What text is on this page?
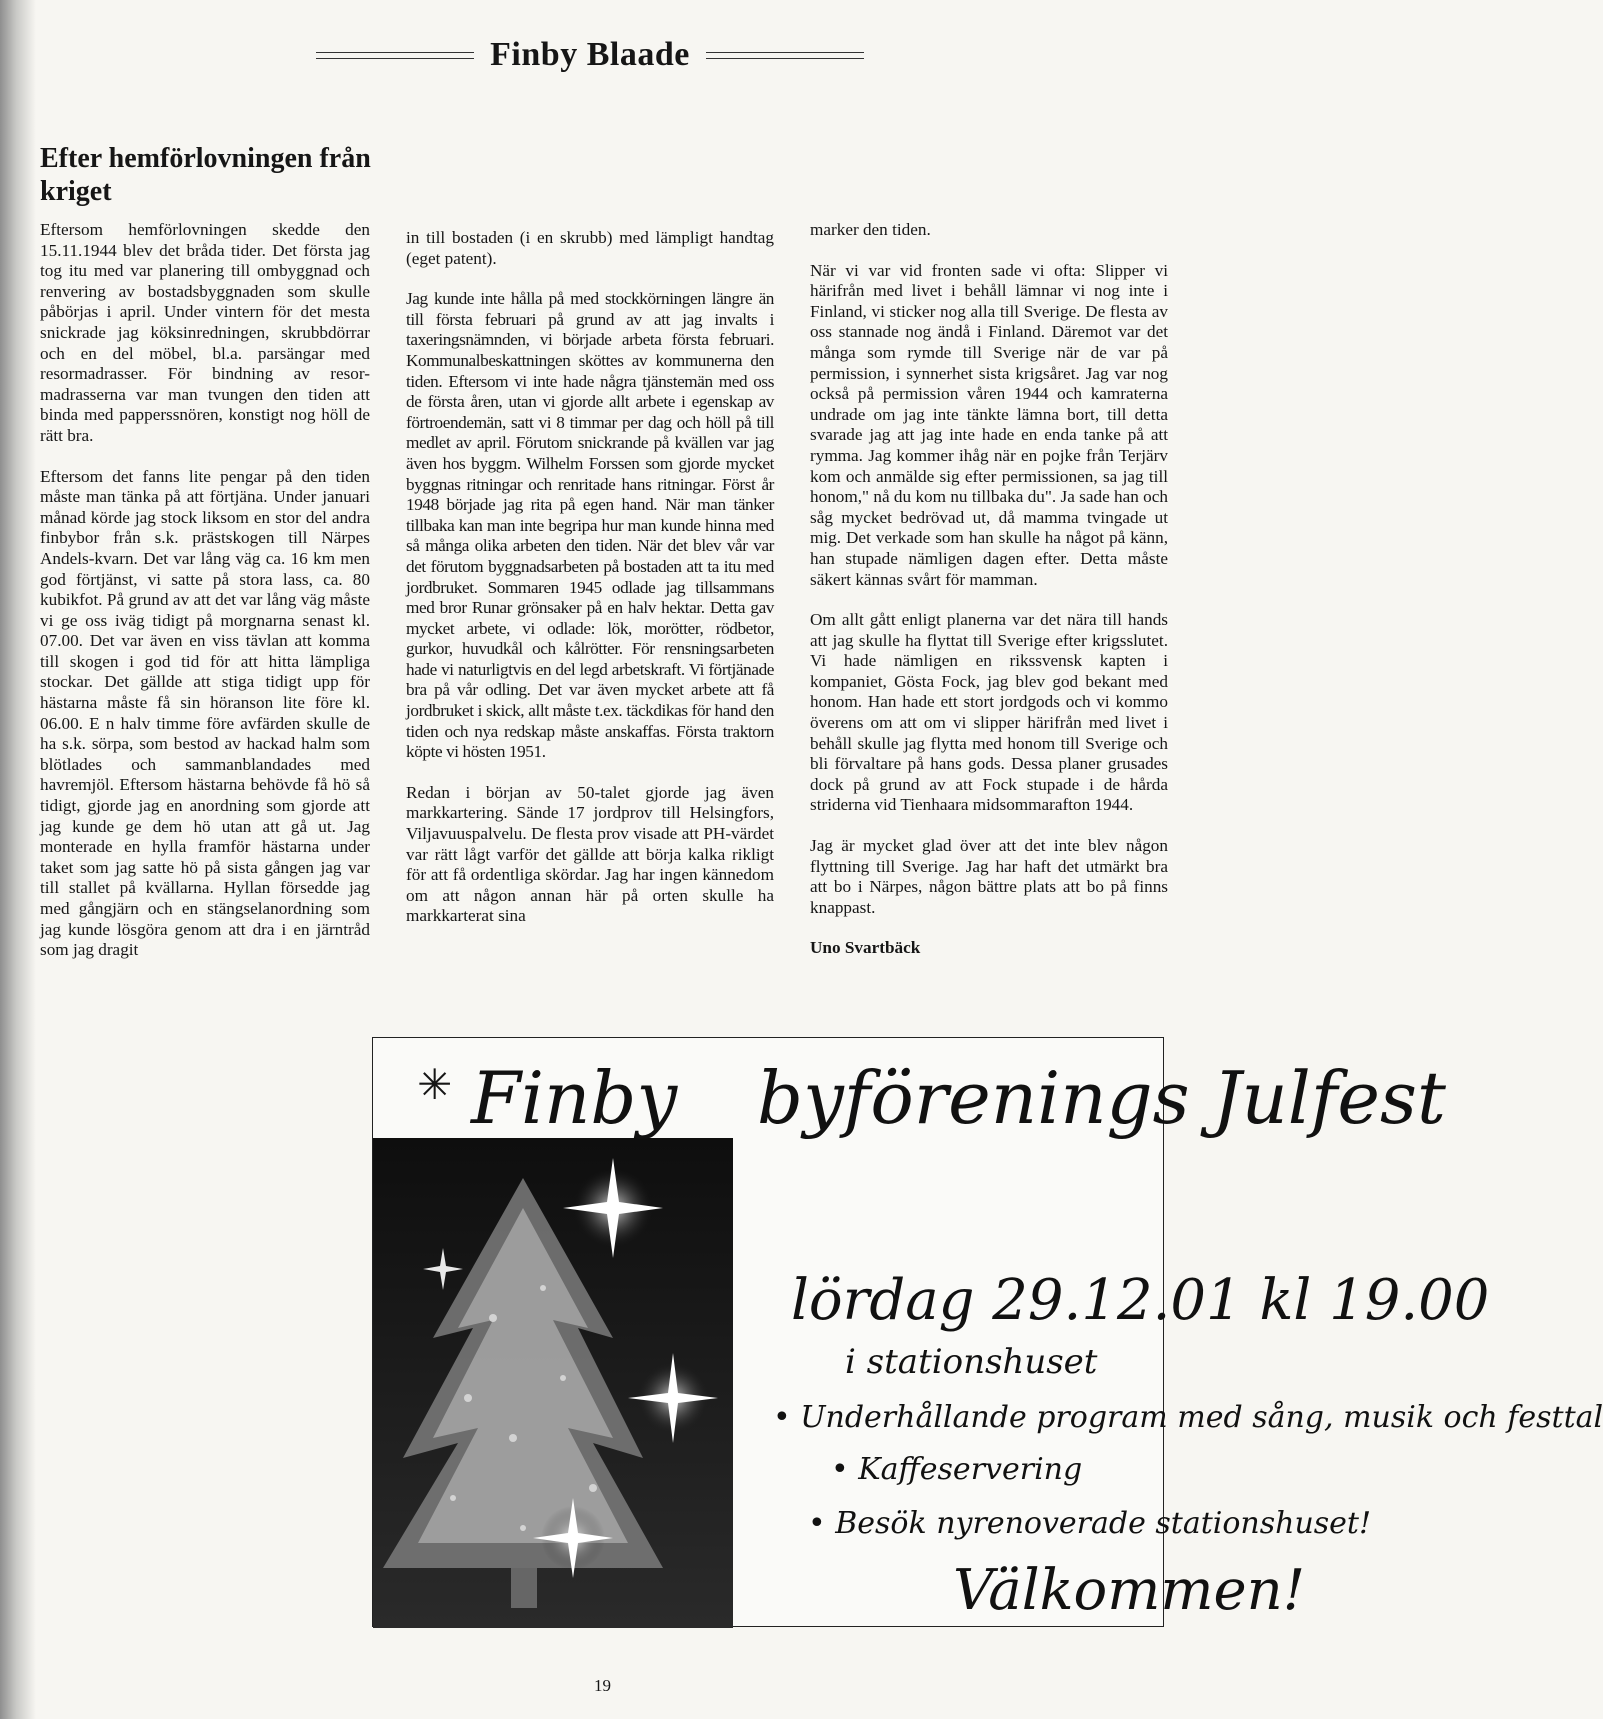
Finby Blaade
Efter hemförlovningen från kriget

Eftersom hemförlovningen skedde den 15.11.1944 blev det bråda tider. Det första jag tog itu med var planering till ombyggnad och renvering av bostadsbyggnaden som skulle påbörjas i april. Under vintern för det mesta snickrade jag köksinredningen, skrubbdörrar och en del möbel, bl.a. parsängar med resormadrasser. För bindning av resor-madrasserna var man tvungen den tiden att binda med papperssnören, konstigt nog höll de rätt bra.

Eftersom det fanns lite pengar på den tiden måste man tänka på att förtjäna. Under januari månad körde jag stock liksom en stor del andra finbybor från s.k. prästskogen till Närpes Andels-kvarn. Det var lång väg ca. 16 km men god förtjänst, vi satte på stora lass, ca. 80 kubikfot. På grund av att det var lång väg måste vi ge oss iväg tidigt på morgnarna senast kl. 07.00. Det var även en viss tävlan att komma till skogen i god tid för att hitta lämpliga stockar. Det gällde att stiga tidigt upp för hästarna måste få sin höranson lite före kl. 06.00. E n halv timme före avfärden skulle de ha s.k. sörpa, som bestod av hackad halm som blötlades och sammanblandades med havremjöl. Eftersom hästarna behövde få hö så tidigt, gjorde jag en anordning som gjorde att jag kunde ge dem hö utan att gå ut. Jag monterade en hylla framför hästarna under taket som jag satte hö på sista gången jag var till stallet på kvällarna. Hyllan försedde jag med gångjärn och en stängselanordning som jag kunde lösgöra genom att dra i en järntråd som jag dragit

in till bostaden (i en skrubb) med lämpligt handtag (eget patent).

Jag kunde inte hålla på med stockkörningen längre än till första februari på grund av att jag invalts i taxeringsnämnden, vi började arbeta första februari. Kommunalbeskattningen sköttes av kommunerna den tiden. Eftersom vi inte hade några tjänstemän med oss de första åren, utan vi gjorde allt arbete i egenskap av förtroendemän, satt vi 8 timmar per dag och höll på till medlet av april. Förutom snickrande på kvällen var jag även hos byggm. Wilhelm Forssen som gjorde mycket byggnas ritningar och renritade hans ritningar. Först år 1948 började jag rita på egen hand. När man tänker tillbaka kan man inte begripa hur man kunde hinna med så många olika arbeten den tiden. När det blev vår var det förutom byggnadsarbeten på bostaden att ta itu med jordbruket. Sommaren 1945 odlade jag tillsammans med bror Runar grönsaker på en halv hektar. Detta gav mycket arbete, vi odlade: lök, morötter, rödbetor, gurkor, huvudkål och kålrötter. För rensningsarbeten hade vi naturligtvis en del legd arbetskraft. Vi förtjänade bra på vår odling. Det var även mycket arbete att få jordbruket i skick, allt måste t.ex. täckdikas för hand den tiden och nya redskap måste anskaffas. Första traktorn köpte vi hösten 1951.

Redan i början av 50-talet gjorde jag även markkartering. Sände 17 jordprov till Helsingfors, Viljavuuspalvelu. De flesta prov visade att PH-värdet var rätt lågt varför det gällde att börja kalka rikligt för att få ordentliga skördar. Jag har ingen kännedom om att någon annan här på orten skulle ha markkarterat sina

marker den tiden.

När vi var vid fronten sade vi ofta: Slipper vi härifrån med livet i behåll lämnar vi nog inte i Finland, vi sticker nog alla till Sverige. De flesta av oss stannade nog ändå i Finland. Däremot var det många som rymde till Sverige när de var på permission, i synnerhet sista krigsåret. Jag var nog också på permission våren 1944 och kamraterna undrade om jag inte tänkte lämna bort, till detta svarade jag att jag inte hade en enda tanke på att rymma. Jag kommer ihåg när en pojke från Terjärv kom och anmälde sig efter permissionen, sa jag till honom," nå du kom nu tillbaka du". Ja sade han och såg mycket bedrövad ut, då mamma tvingade ut mig. Det verkade som han skulle ha något på känn, han stupade nämligen dagen efter. Detta måste säkert kännas svårt för mamman.

Om allt gått enligt planerna var det nära till hands att jag skulle ha flyttat till Sverige efter krigsslutet. Vi hade nämligen en rikssvensk kapten i kompaniet, Gösta Fock, jag blev god bekant med honom. Han hade ett stort jordgods och vi kommo överens om att om vi slipper härifrån med livet i behåll skulle jag flytta med honom till Sverige och bli förvaltare på hans gods. Dessa planer grusades dock på grund av att Fock stupade i de hårda striderna vid Tienhaara midsommarafton 1944.

Jag är mycket glad över att det inte blev någon flyttning till Sverige. Jag har haft det utmärkt bra att bo i Närpes, någon bättre plats att bo på finns knappast.

Uno Svartbäck
✳ Finby byförenings Julfest
lördag 29.12.01 kl 19.00
i stationshuset
• Underhållande program med sång, musik och festtal
• Kaffeservering
• Besök nyrenoverade stationshuset!
Välkommen!
19
